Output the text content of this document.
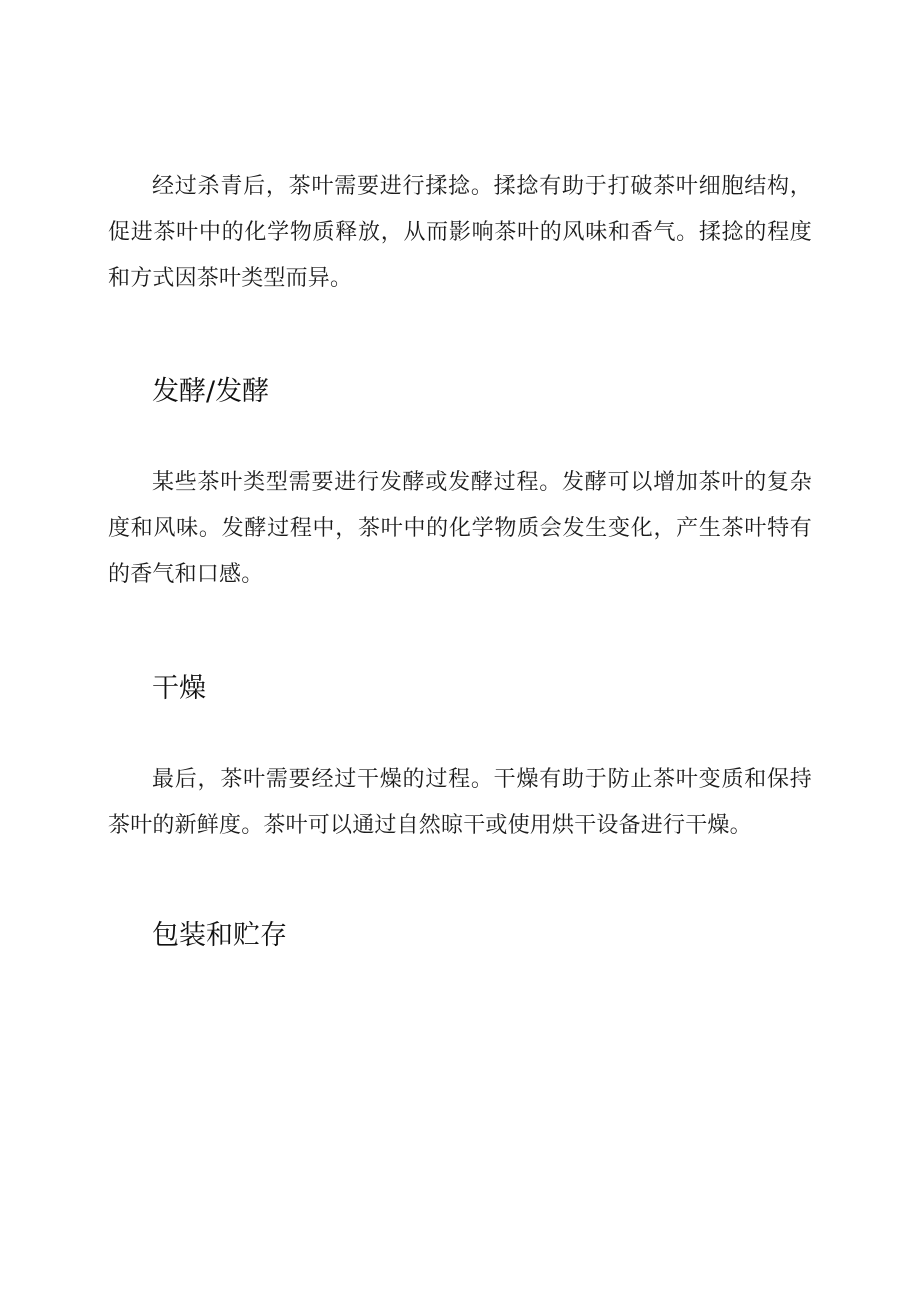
经过杀青后，茶叶需要进行揉捻。揉捻有助于打破茶叶细胞结构，促进茶叶中的化学物质释放，从而影响茶叶的风味和香气。揉捻的程度和方式因茶叶类型而异。

发酵/发酵

某些茶叶类型需要进行发酵或发酵过程。发酵可以增加茶叶的复杂度和风味。发酵过程中，茶叶中的化学物质会发生变化，产生茶叶特有的香气和口感。

干燥

最后，茶叶需要经过干燥的过程。干燥有助于防止茶叶变质和保持茶叶的新鲜度。茶叶可以通过自然晾干或使用烘干设备进行干燥。

包装和贮存
